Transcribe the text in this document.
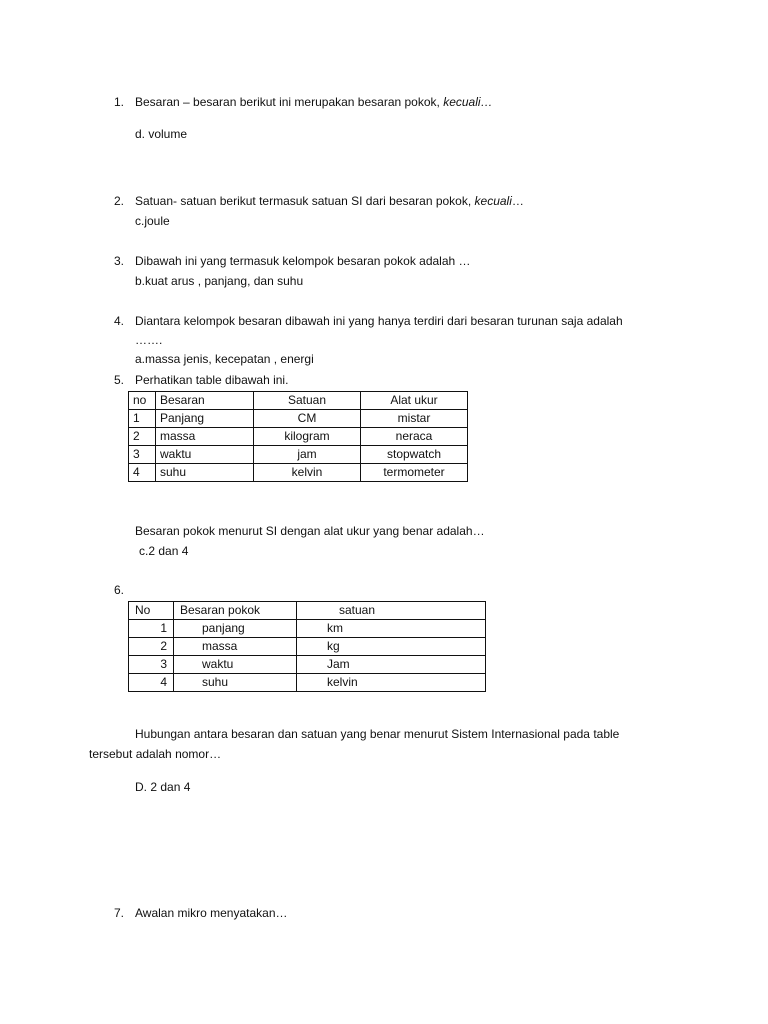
1. Besaran – besaran berikut ini merupakan besaran pokok, kecuali…
d. volume
2. Satuan- satuan berikut termasuk satuan SI dari besaran pokok, kecuali…
c.joule
3. Dibawah ini yang termasuk kelompok besaran pokok adalah …
b.kuat arus , panjang, dan suhu
4. Diantara kelompok besaran dibawah ini yang hanya terdiri dari besaran turunan saja adalah
…….
a.massa jenis, kecepatan , energi
5. Perhatikan table dibawah ini.
no	Besaran	Satuan	Alat ukur
1	Panjang	CM	mistar
2	massa	kilogram	neraca
3	waktu	jam	stopwatch
4	suhu	kelvin	termometer
Besaran pokok menurut SI dengan alat ukur yang benar adalah…
c.2 dan 4
6.
No	Besaran pokok	satuan
1	panjang	km
2	massa	kg
3	waktu	Jam
4	suhu	kelvin
Hubungan antara besaran dan satuan yang benar menurut Sistem Internasional pada table
tersebut adalah nomor…
D. 2 dan 4
7. Awalan mikro menyatakan…
